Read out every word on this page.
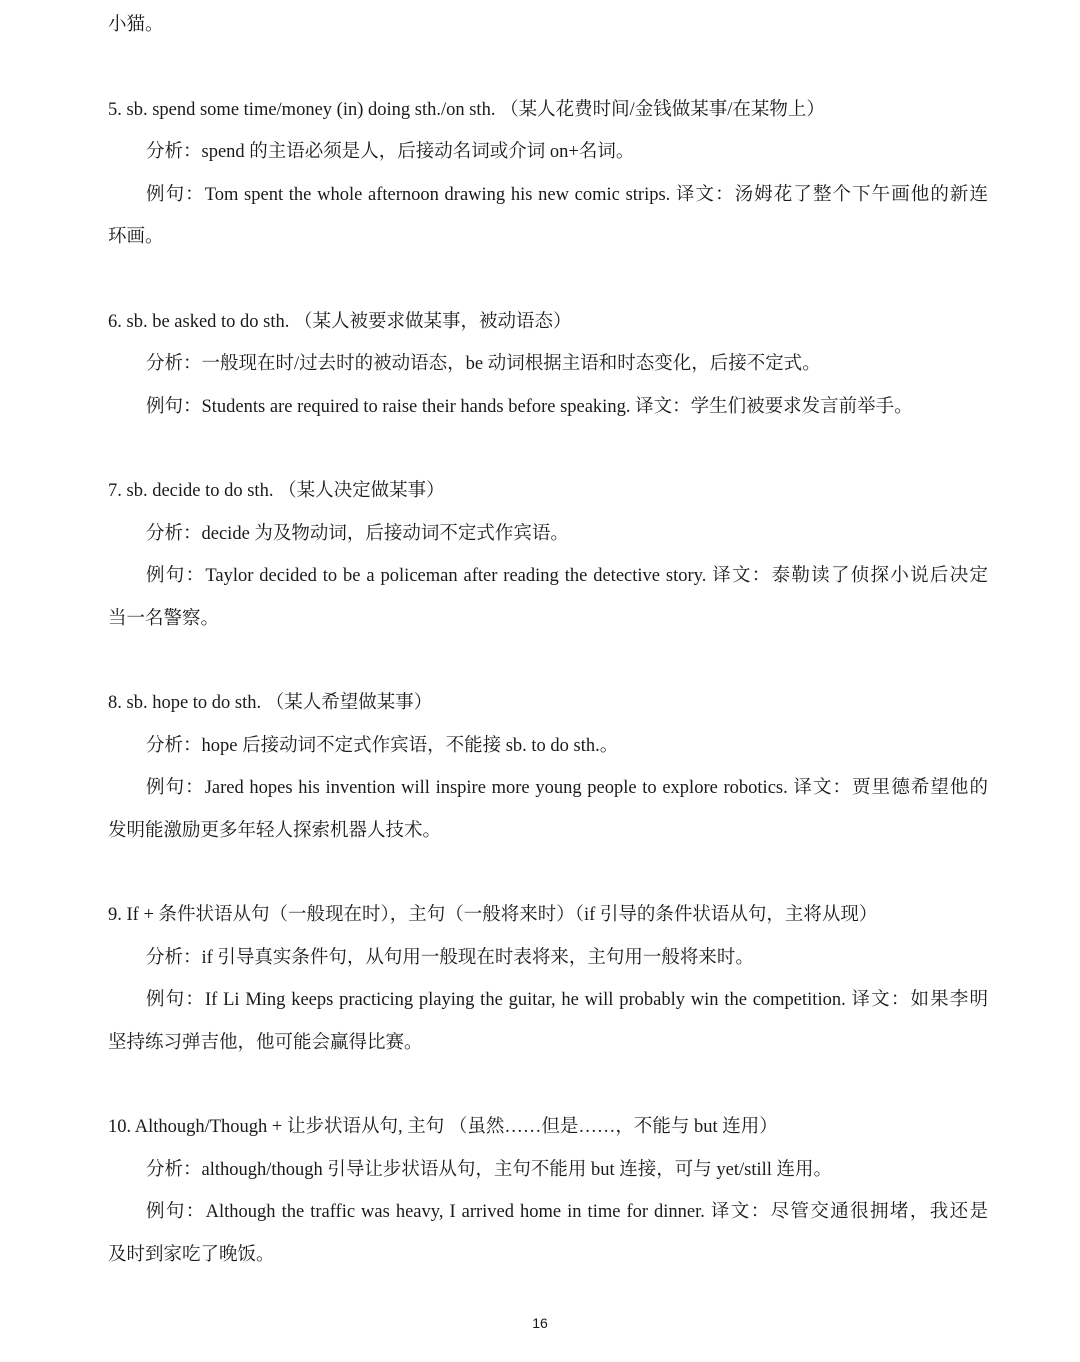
小猫。
5. sb. spend some time/money (in) doing sth./on sth. （某人花费时间/金钱做某事/在某物上）
分析：spend 的主语必须是人，后接动名词或介词 on+名词。
例句：Tom spent the whole afternoon drawing his new comic strips. 译文：汤姆花了整个下午画他的新连
环画。
6. sb. be asked to do sth. （某人被要求做某事，被动语态）
分析：一般现在时/过去时的被动语态，be 动词根据主语和时态变化，后接不定式。
例句：Students are required to raise their hands before speaking. 译文：学生们被要求发言前举手。
7. sb. decide to do sth. （某人决定做某事）
分析：decide 为及物动词，后接动词不定式作宾语。
例句：Taylor decided to be a policeman after reading the detective story. 译文：泰勒读了侦探小说后决定
当一名警察。
8. sb. hope to do sth. （某人希望做某事）
分析：hope 后接动词不定式作宾语，不能接 sb. to do sth.。
例句：Jared hopes his invention will inspire more young people to explore robotics. 译文：贾里德希望他的
发明能激励更多年轻人探索机器人技术。
9. If + 条件状语从句（一般现在时），主句（一般将来时）（if 引导的条件状语从句，主将从现）
分析：if 引导真实条件句，从句用一般现在时表将来，主句用一般将来时。
例句：If Li Ming keeps practicing playing the guitar, he will probably win the competition. 译文：如果李明
坚持练习弹吉他，他可能会赢得比赛。
10. Although/Though + 让步状语从句, 主句 （虽然……但是……，不能与 but 连用）
分析：although/though 引导让步状语从句，主句不能用 but 连接，可与 yet/still 连用。
例句：Although the traffic was heavy, I arrived home in time for dinner. 译文：尽管交通很拥堵，我还是
及时到家吃了晚饭。
16
